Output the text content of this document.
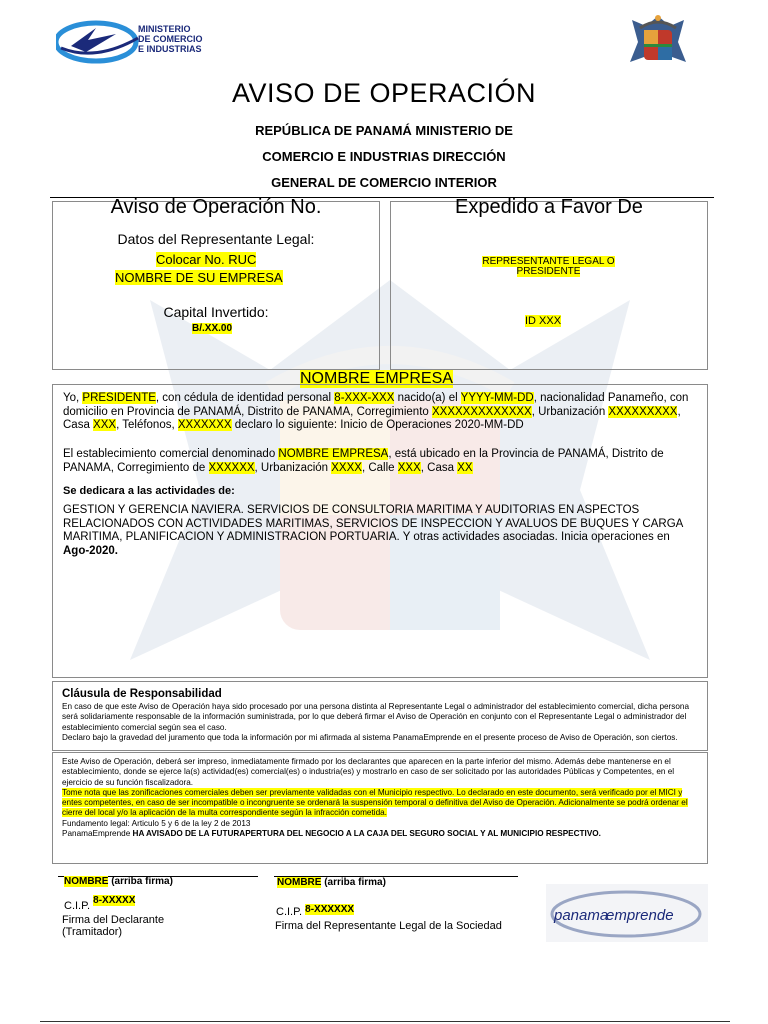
MINISTERIO
DE COMERCIO
E INDUSTRIAS
AVISO DE OPERACIÓN
REPÚBLICA DE PANAMÁ MINISTERIO DE
COMERCIO E INDUSTRIAS DIRECCIÓN
GENERAL DE COMERCIO INTERIOR
Aviso de Operación No.
Datos del Representante Legal:
Colocar No. RUC
NOMBRE DE SU EMPRESA
Capital Invertido:
B/.XX.00
Expedido a Favor De
REPRESENTANTE LEGAL O PRESIDENTE
ID XXX
NOMBRE EMPRESA
Yo, PRESIDENTE, con cédula de identidad personal 8-XXX-XXX nacido(a) el YYYY-MM-DD, nacionalidad Panameño, con domicilio en Provincia de PANAMÁ, Distrito de PANAMA, Corregimiento XXXXXXXXXXXXX, Urbanización XXXXXXXXX, Casa XXX, Teléfonos, XXXXXXX declaro lo siguiente: Inicio de Operaciones 2020-MM-DD
El establecimiento comercial denominado NOMBRE EMPRESA, está ubicado en la Provincia de PANAMÁ, Distrito de PANAMA, Corregimiento de XXXXXX, Urbanización XXXX, Calle XXX, Casa XX
Se dedicara a las actividades de:
GESTION Y GERENCIA NAVIERA. SERVICIOS DE CONSULTORIA MARITIMA Y AUDITORIAS EN ASPECTOS RELACIONADOS CON ACTIVIDADES MARITIMAS, SERVICIOS DE INSPECCION Y AVALUOS DE BUQUES Y CARGA MARITIMA, PLANIFICACION Y ADMINISTRACION PORTUARIA. Y otras actividades asociadas. Inicia operaciones en Ago-2020.
Cláusula de Responsabilidad
En caso de que este Aviso de Operación haya sido procesado por una persona distinta al Representante Legal o administrador del establecimiento comercial, dicha persona será solidariamente responsable de la información suministrada, por lo que deberá firmar el Aviso de Operación en conjunto con el Representante Legal o administrador del establecimiento comercial según sea el caso.
Declaro bajo la gravedad del juramento que toda la información por mi afirmada al sistema PanamaEmprende en el presente proceso de Aviso de Operación, son ciertos.
Este Aviso de Operación, deberá ser impreso, inmediatamente firmado por los declarantes que aparecen en la parte inferior del mismo. Además debe mantenerse en el establecimiento, donde se ejerce la(s) actividad(es) comercial(es) o industria(es) y mostrarlo en caso de ser solicitado por las autoridades Públicas y Competentes, en el ejercicio de su función fiscalizadora.
Tome nota que las zonificaciones comerciales deben ser previamente validadas con el Municipio respectivo. Lo declarado en este documento, será verificado por el MICI y entes competentes, en caso de ser incompatible o incongruente se ordenará la suspensión temporal o definitiva del Aviso de Operación. Adicionalmente se podrá ordenar el cierre del local y/o la aplicación de la multa correspondiente según la infracción cometida.
Fundamento legal: Articulo 5 y 6 de la ley 2 de 2013
PanamaEmprende HA AVISADO DE LA FUTURAPERTURA DEL NEGOCIO A LA CAJA DEL SEGURO SOCIAL Y AL MUNICIPIO RESPECTIVO.
NOMBRE (arriba firma)	NOMBRE (arriba firma)
C.I.P. 8-XXXXX
C.I.P. 8-XXXXXX
Firma del Declarante
(Tramitador)	Firma del Representante Legal de la Sociedad
panama
emprende
